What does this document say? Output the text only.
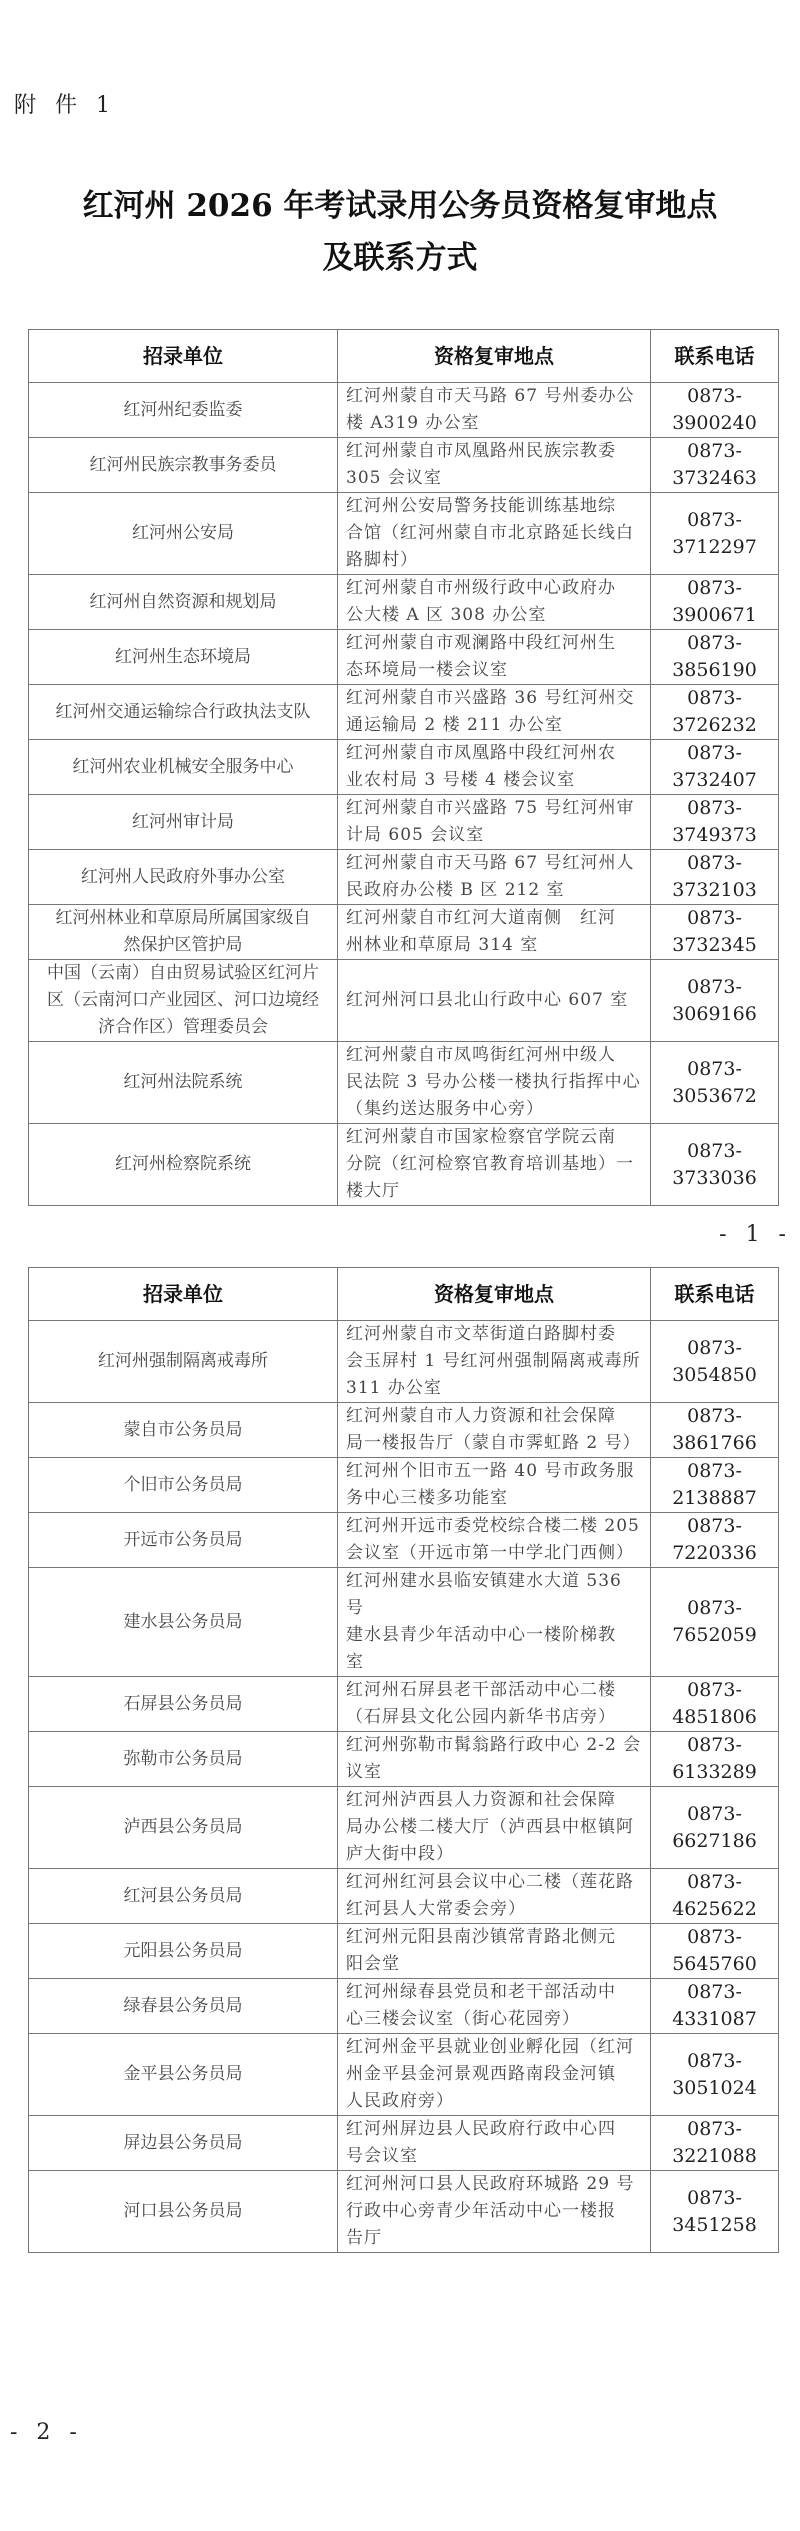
附 件 1
红河州 2026 年考试录用公务员资格复审地点
及联系方式
招录单位	资格复审地点	联系电话
红河州纪委监委	红河州蒙自市天马路 67 号州委办公
楼 A319 办公室	0873-3900240
红河州民族宗教事务委员	红河州蒙自市凤凰路州民族宗教委
305 会议室	0873-3732463
红河州公安局	红河州公安局警务技能训练基地综
合馆（红河州蒙自市北京路延长线白
路脚村）	0873-3712297
红河州自然资源和规划局	红河州蒙自市州级行政中心政府办
公大楼 A 区 308 办公室	0873-3900671
红河州生态环境局	红河州蒙自市观澜路中段红河州生
态环境局一楼会议室	0873-3856190
红河州交通运输综合行政执法支队	红河州蒙自市兴盛路 36 号红河州交
通运输局 2 楼 211 办公室	0873-3726232
红河州农业机械安全服务中心	红河州蒙自市凤凰路中段红河州农
业农村局 3 号楼 4 楼会议室	0873-3732407
红河州审计局	红河州蒙自市兴盛路 75 号红河州审
计局 605 会议室	0873-3749373
红河州人民政府外事办公室	红河州蒙自市天马路 67 号红河州人
民政府办公楼 B 区 212 室	0873-3732103
红河州林业和草原局所属国家级自
然保护区管护局	红河州蒙自市红河大道南侧　红河
州林业和草原局 314 室	0873-3732345
中国（云南）自由贸易试验区红河片
区（云南河口产业园区、河口边境经
济合作区）管理委员会	红河州河口县北山行政中心 607 室	0873-3069166
红河州法院系统	红河州蒙自市凤鸣街红河州中级人
民法院 3 号办公楼一楼执行指挥中心
（集约送达服务中心旁）	0873-3053672
红河州检察院系统	红河州蒙自市国家检察官学院云南
分院（红河检察官教育培训基地）一
楼大厅	0873-3733036
- 1 -
招录单位	资格复审地点	联系电话
红河州强制隔离戒毒所	红河州蒙自市文萃街道白路脚村委
会玉屏村 1 号红河州强制隔离戒毒所
311 办公室	0873-3054850
蒙自市公务员局	红河州蒙自市人力资源和社会保障
局一楼报告厅（蒙自市霁虹路 2 号）	0873-3861766
个旧市公务员局	红河州个旧市五一路 40 号市政务服
务中心三楼多功能室	0873-2138887
开远市公务员局	红河州开远市委党校综合楼二楼 205
会议室（开远市第一中学北门西侧）	0873-7220336
建水县公务员局	红河州建水县临安镇建水大道 536 号
建水县青少年活动中心一楼阶梯教
室	0873-7652059
石屏县公务员局	红河州石屏县老干部活动中心二楼
（石屏县文化公园内新华书店旁）	0873-4851806
弥勒市公务员局	红河州弥勒市髯翁路行政中心 2-2 会
议室	0873-6133289
泸西县公务员局	红河州泸西县人力资源和社会保障
局办公楼二楼大厅（泸西县中枢镇阿
庐大街中段）	0873-6627186
红河县公务员局	红河州红河县会议中心二楼（莲花路
红河县人大常委会旁）	0873-4625622
元阳县公务员局	红河州元阳县南沙镇常青路北侧元
阳会堂	0873-5645760
绿春县公务员局	红河州绿春县党员和老干部活动中
心三楼会议室（街心花园旁）	0873-4331087
金平县公务员局	红河州金平县就业创业孵化园（红河
州金平县金河景观西路南段金河镇
人民政府旁）	0873-3051024
屏边县公务员局	红河州屏边县人民政府行政中心四
号会议室	0873-3221088
河口县公务员局	红河州河口县人民政府环城路 29 号
行政中心旁青少年活动中心一楼报
告厅	0873-3451258
- 2 -
